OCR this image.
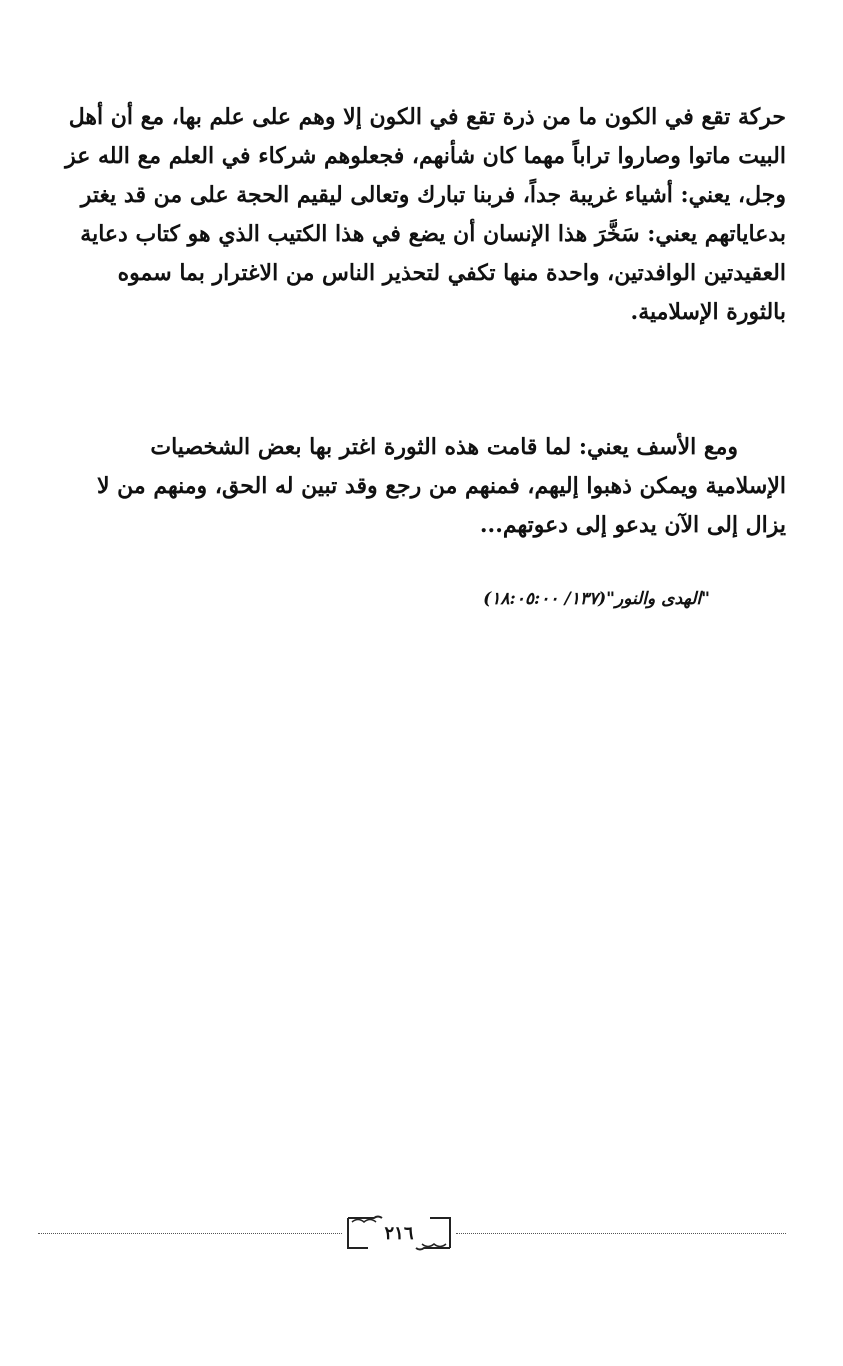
حركة تقع في الكون ما من ذرة تقع في الكون إلا وهم على علم بها، مع أن أهل
البيت ماتوا وصاروا تراباً مهما كان شأنهم، فجعلوهم شركاء في العلم مع الله عز
وجل، يعني: أشياء غريبة جداً، فربنا تبارك وتعالى ليقيم الحجة على من قد يغتر
بدعاياتهم يعني: سَخَّرَ هذا الإنسان أن يضع في هذا الكتيب الذي هو كتاب دعاية
العقيدتين الوافدتين، واحدة منها تكفي لتحذير الناس من الاغترار بما سموه
بالثورة الإسلامية.
ومع الأسف يعني: لما قامت هذه الثورة اغتر بها بعض الشخصيات
الإسلامية ويمكن ذهبوا إليهم، فمنهم من رجع وقد تبين له الحق، ومنهم من لا
يزال إلى الآن يدعو إلى دعوتهم...
"الهدى والنور"(١٣٧/ ١٨:٠٥:٠٠)
٢١٦
